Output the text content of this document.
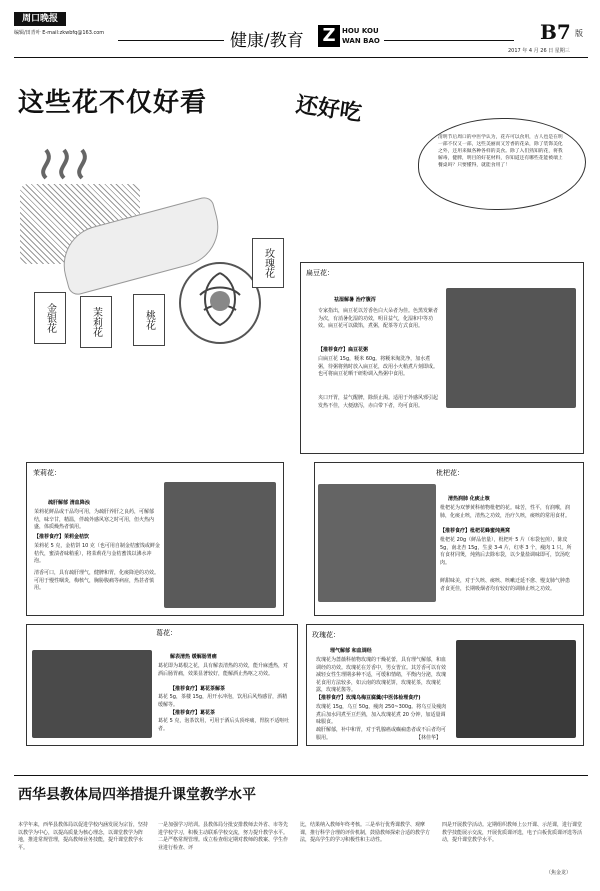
周口晚报
编辑/田青叶 E-mail:zkwbfq@163.com	健康/教育 Z HOU KOU
WAN BAO	B7 版
2017 年 4 月 26 日 星期三
这些花不仅好看	还好吃
清明节后周口的中医学认为，花卉可以食用，古人也是在明一部不仅又一部，这些美丽而又芳香的花朵，除了装饰美化之外，还用来做各种各样的美食。除了入们熟知的花，将我解毒，健脾，明目的好花材料，你知道还有哪些花能被端上餐桌吗？只要懂得，就能食用了！
玫瑰花
金银花	茉莉花	桃花
扁豆花：
祛湿解暑 治疗腹泻
专家指出，扁豆花以芳香色白大朵者为佳。色黑发紫者为次，有消暑化湿的功效，明目益气，化湿和中等功效。扁豆花可以做馅，煮粥，配茶等方式食用。
【推荐食疗】扁豆花粥
白扁豆花 15g，粳米 60g。将粳米淘洗净，加水煮粥，待粥将熟时放入扁豆花，改用小火稍煮片刻即成。也可将扁豆花晒干研粉调入热粥中食用。
夹口开胃，益气醒脾，除烦止渴。适用于外感风邪引起发热不佳，大便溏泻，赤白带下者，均可食用。
茉莉花：
疏肝解郁 清血降浊
茉莉花鲜品或干品均可用，为疏肝养肝之良药，可解郁结，味辛甘，精温，伴疏外感风寒之时可用，但火热内盛，体质燥热者慎用。
【推荐食疗】茉莉金桔饮
茉莉花 5 克，金桔饼 10 克（也可用自制金桔蜜饯或鲜金桔代，蜜渍者味稍重），将茉莉花与金桔蜜饯以沸水冲泡。
清香可口，具有疏肝理气，健脾和胃，化痰降逆的功效。可用于慢性咽炎，梅核气，胸胁腹痛等病症，热甚者慎用。
枇杷花：
清热润肺 化痰止咳
枇杷花为双蓼黄科植物枇杷的花。味苦，性平，有润喉，润肺，化痰止咳，清热之功效，治疗久咳，痰咳的常用食材。
【推荐食疗】枇杷花蜂蜜炖燕窝
枇杷花 20g（鲜品倍量），枇杷叶 5 片（布袋包煎），陈皮 5g，南北杏 15g，生姜 3-4 片，红枣 3 个，瘦肉 1 只。所有食材同煲，炖熟后去除布袋，以少量盐调味即可，饮汤吃肉。
鲜甜味美，对于久咳、痰咳、咳嗽迁延不愈、慢支肺气肿患者食更佳，长期吸烟者均有较好的调肺止咳之功效。
葛花：
解表清热 缓解肠胃痛
葛花即为葛根之花，具有解表清热的功效，能升麻透热，对酒后肠胃痛，效果显著较好，能解酒止热呕之功效。
【推荐食疗】葛花茶解茶
葛花 5g，茶楼 15g，用开水冲泡，饮用后风热感冒，酒精缓解等。
【推荐食疗】葛花茶
葛花 5 克，泡茶饮用，可用于酒后头顶疼痛，胃脘不适呕吐者。
玫瑰花：
理气解郁 和血调经
玫瑰花为蔷薇科植物玫瑰的干燥花蕾，具有理气解郁，和血调经的功效。玫瑰花在芳香中，男女皆宜。其芳香可以有效减轻女性生理期多种不适，可缓和情绪，平衡内分泌，玫瑰花食用方法较多，如云南的玫瑰花饼，玫瑰花茶，玫瑰花露，玫瑰花酱等。
【推荐食疗】玫瑰乌梅豆腐羹(中医体检理食疗)
玫瑰花 15g，乌豆 50g，瘦肉 250~300g。将乌豆及瘦肉煮后加水同煮至豆烂熟，加入玫瑰花煮 20 分钟，加适量调味服食。
疏肝解郁，补中和胃，对于乳腺癌或癫痫患者或不后者均可服用。	【林佳华】
西华县教体局四举措提升课堂教学水平
本学年来，西华县教体局以促进学校内涵发展为宗旨，坚持以教学为中心，以提高质量为核心理念，以课堂教学为阵地，推进常规管理，提高教师业务技能，提升课堂教学水平。
一是加强学习培训。县教体局分批安排教师去外省、市等先进学校学习，积极主动联系学校交流，努力提升教学水平。二是严格常规管理。成立检查组定期对教师的教案、学生作业进行检查、评
比，结果纳入教师年终考核。三是举行优秀课教学、观摩课，推行科学合理的评价机制，鼓励教师探索合适的教学方法，提高学生的学习积极性和主动性。
四是开展教学活动。定期组织教师上公开课、示范课，进行课堂教学技能展示交流，开展优质课评选，电子白板优质课评选等活动，提升课堂教学水平。
（焦金龙）
